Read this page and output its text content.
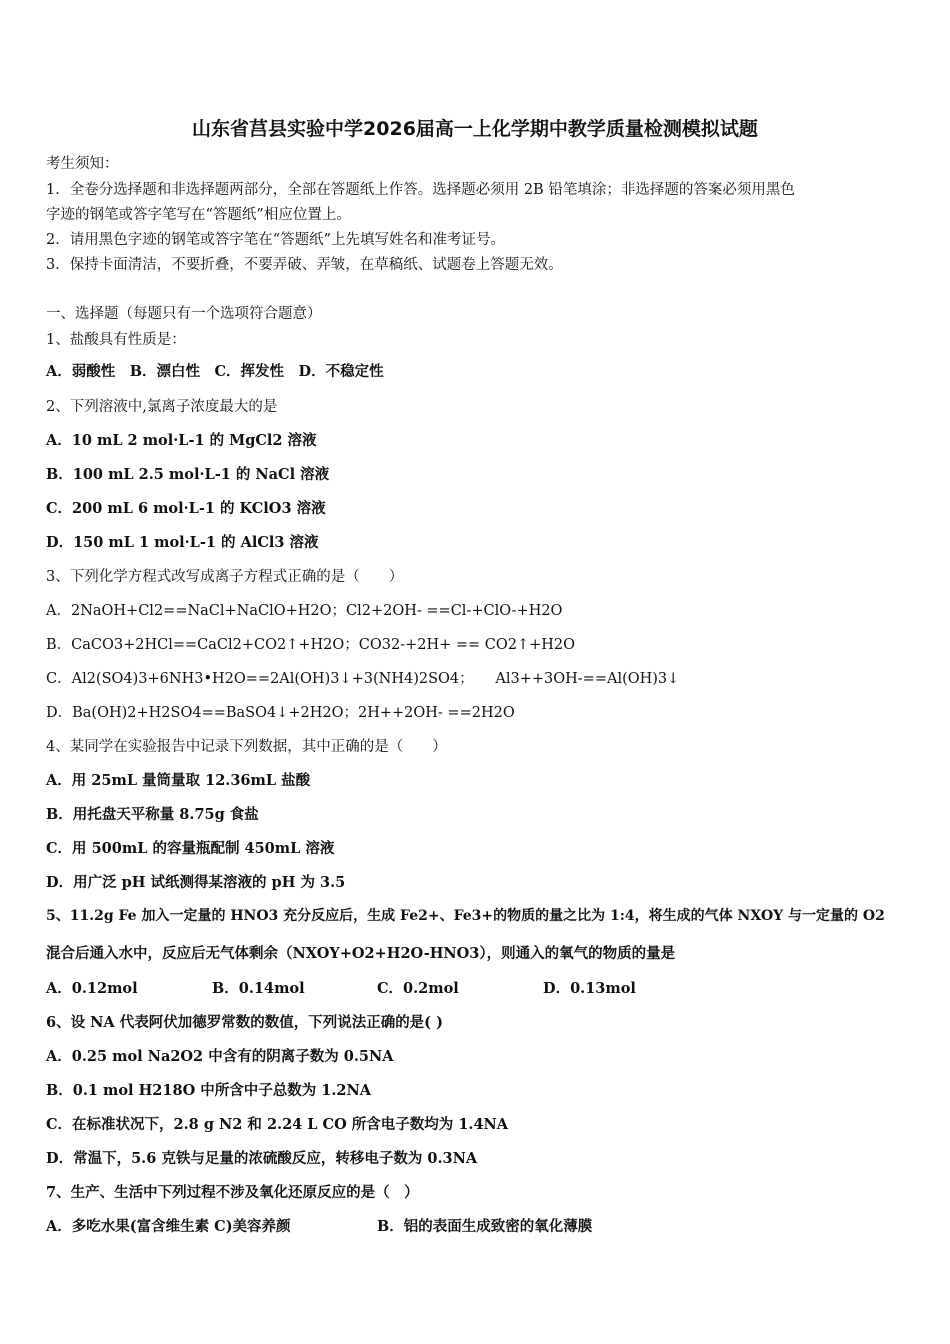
山东省莒县实验中学2026届高一上化学期中教学质量检测模拟试题
考生须知：
1．全卷分选择题和非选择题两部分，全部在答题纸上作答。选择题必须用 2B 铅笔填涂；非选择题的答案必须用黑色
字迹的钢笔或答字笔写在“答题纸”相应位置上。
2．请用黑色字迹的钢笔或答字笔在“答题纸”上先填写姓名和准考证号。
3．保持卡面清洁，不要折叠，不要弄破、弄皱，在草稿纸、试题卷上答题无效。
一、选择题（每题只有一个选项符合题意）
1、盐酸具有性质是：
A．弱酸性　B．漂白性　C．挥发性　D．不稳定性
2、下列溶液中,氯离子浓度最大的是
A．10 mL 2 mol·L-1 的 MgCl2 溶液
B．100 mL 2.5 mol·L-1 的 NaCl 溶液
C．200 mL 6 mol·L-1 的 KClO3 溶液
D．150 mL 1 mol·L-1 的 AlCl3 溶液
3、下列化学方程式改写成离子方程式正确的是（　　）
A．2NaOH+Cl2==NaCl+NaClO+H2O；Cl2+2OH- ==Cl-+ClO-+H2O
B．CaCO3+2HCl==CaCl2+CO2↑+H2O；CO32-+2H+ == CO2↑+H2O
C．Al2(SO4)3+6NH3•H2O==2Al(OH)3↓+3(NH4)2SO4；　　Al3++3OH-==Al(OH)3↓
D．Ba(OH)2+H2SO4==BaSO4↓+2H2O；2H++2OH- ==2H2O
4、某同学在实验报告中记录下列数据，其中正确的是（　　）
A．用 25mL 量筒量取 12.36mL 盐酸
B．用托盘天平称量 8.75g 食盐
C．用 500mL 的容量瓶配制 450mL 溶液
D．用广泛 pH 试纸测得某溶液的 pH 为 3.5
5、11.2g Fe 加入一定量的 HNO3 充分反应后，生成 Fe2+、Fe3+的物质的量之比为 1:4，将生成的气体 NXOY 与一定量的 O2
混合后通入水中，反应后无气体剩余（NXOY+O2+H2O-HNO3），则通入的氧气的物质的量是
A．0.12mol	B．0.14mol	C．0.2mol	D．0.13mol
6、设 NA 代表阿伏加德罗常数的数值，下列说法正确的是( )
A．0.25 mol Na2O2 中含有的阴离子数为 0.5NA
B．0.1 mol H218O 中所含中子总数为 1.2NA
C．在标准状况下，2.8 g N2 和 2.24 L CO 所含电子数均为 1.4NA
D．常温下，5.6 克铁与足量的浓硫酸反应，转移电子数为 0.3NA
7、生产、生活中下列过程不涉及氧化还原反应的是（　）
A．多吃水果(富含维生素 C)美容养颜	B．铝的表面生成致密的氧化薄膜
